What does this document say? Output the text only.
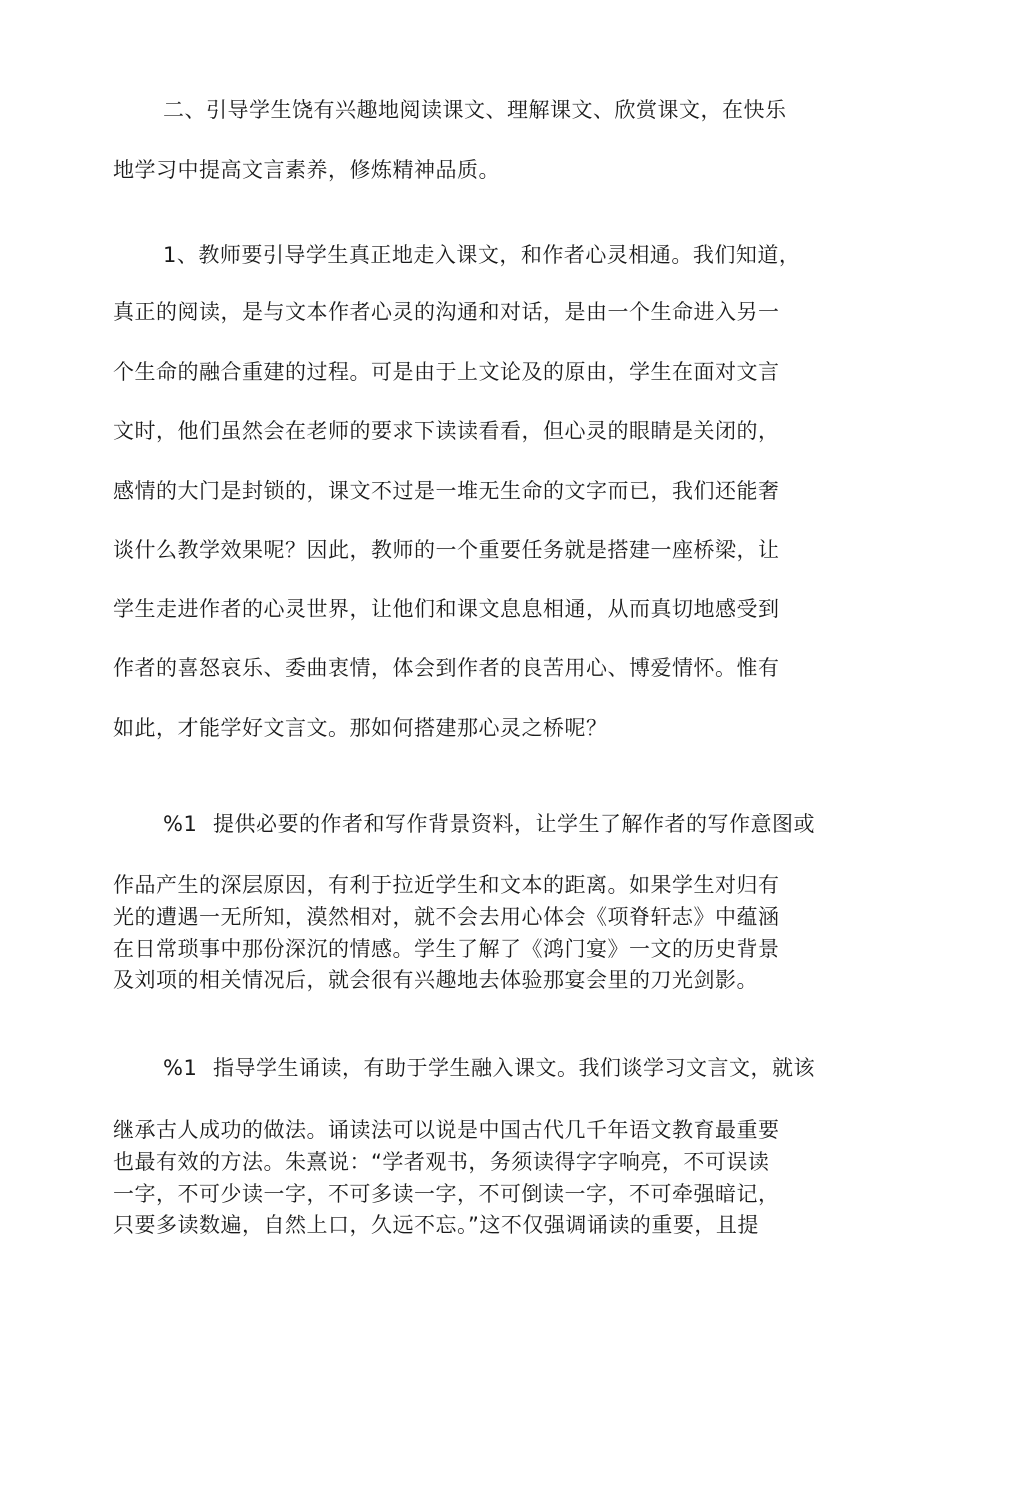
二、引导学生饶有兴趣地阅读课文、理解课文、欣赏课文，在快乐
地学习中提高文言素养，修炼精神品质。
1、教师要引导学生真正地走入课文，和作者心灵相通。我们知道，
真正的阅读，是与文本作者心灵的沟通和对话，是由一个生命进入另一
个生命的融合重建的过程。可是由于上文论及的原由，学生在面对文言
文时，他们虽然会在老师的要求下读读看看，但心灵的眼睛是关闭的，
感情的大门是封锁的，课文不过是一堆无生命的文字而已，我们还能奢
谈什么教学效果呢？因此，教师的一个重要任务就是搭建一座桥梁，让
学生走进作者的心灵世界，让他们和课文息息相通，从而真切地感受到
作者的喜怒哀乐、委曲衷情，体会到作者的良苦用心、博爱情怀。惟有
如此，才能学好文言文。那如何搭建那心灵之桥呢？
%1 提供必要的作者和写作背景资料，让学生了解作者的写作意图或
作品产生的深层原因，有利于拉近学生和文本的距离。如果学生对归有
光的遭遇一无所知，漠然相对，就不会去用心体会《项脊轩志》中蕴涵
在日常琐事中那份深沉的情感。学生了解了《鸿门宴》一文的历史背景
及刘项的相关情况后，就会很有兴趣地去体验那宴会里的刀光剑影。
%1 指导学生诵读，有助于学生融入课文。我们谈学习文言文，就该
继承古人成功的做法。诵读法可以说是中国古代几千年语文教育最重要
也最有效的方法。朱熹说：“学者观书，务须读得字字响亮，不可误读
一字，不可少读一字，不可多读一字，不可倒读一字，不可牵强暗记，
只要多读数遍，自然上口，久远不忘。”这不仅强调诵读的重要，且提
